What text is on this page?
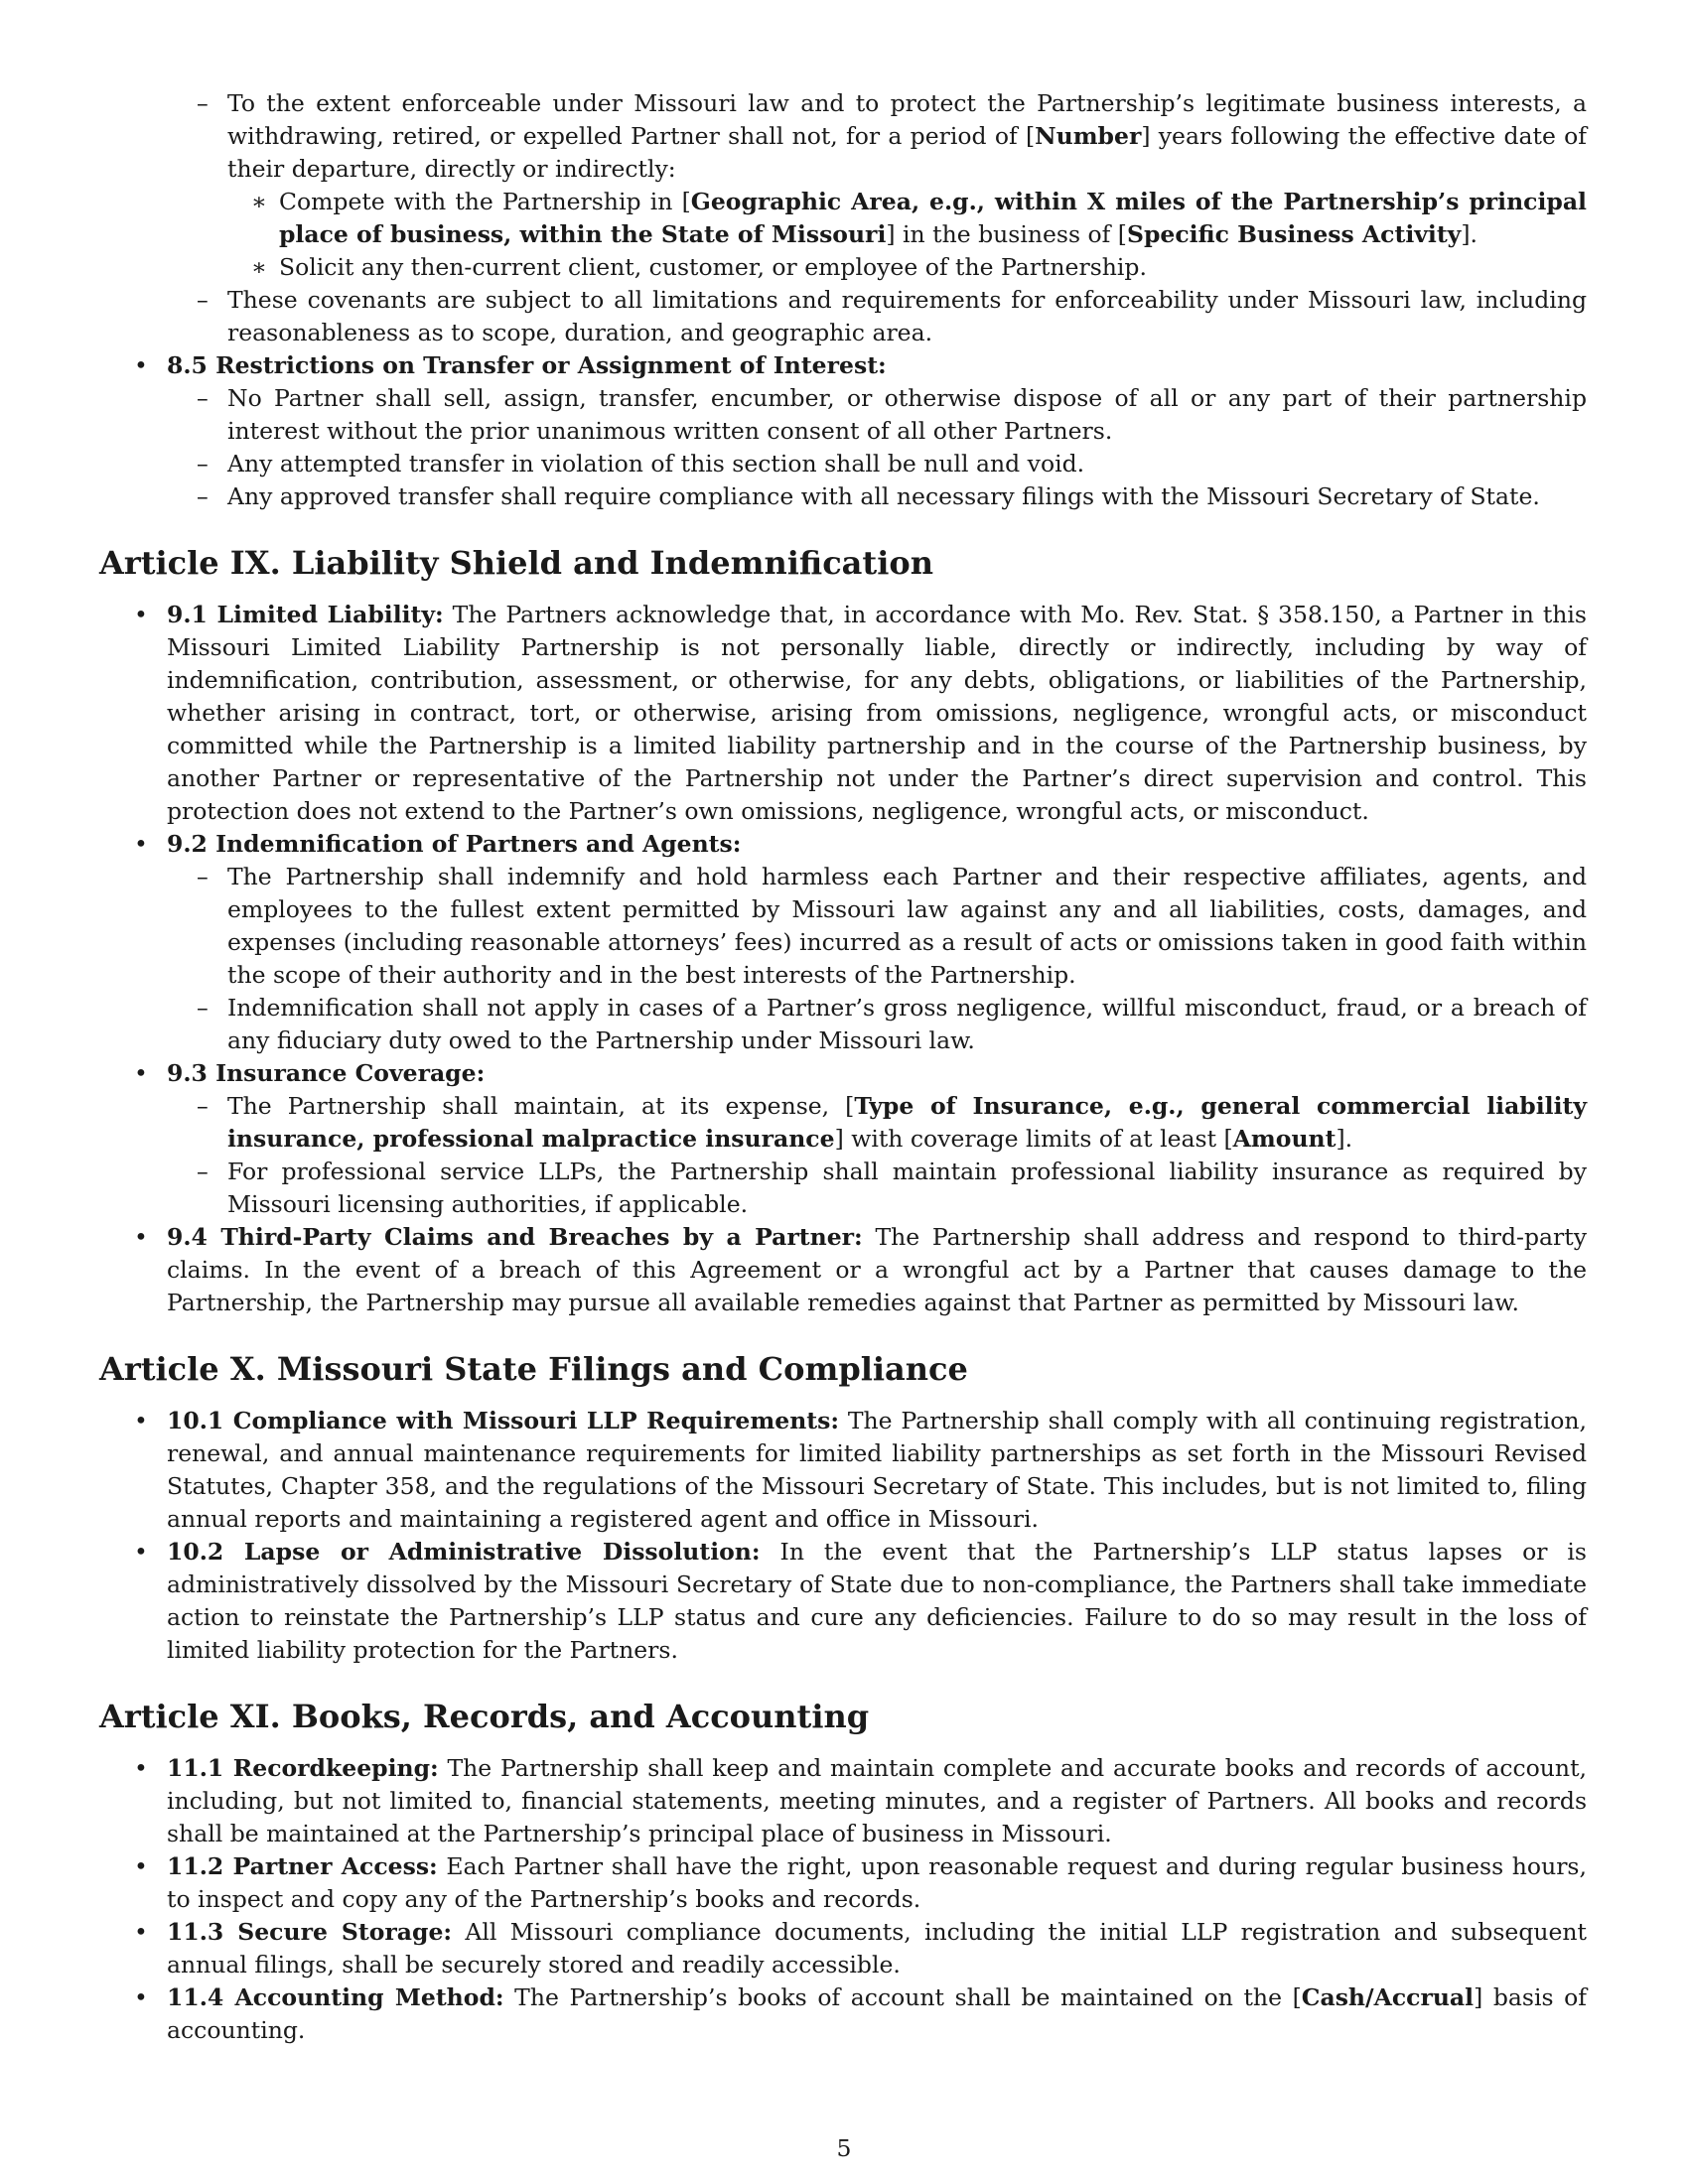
– To the extent enforceable under Missouri law and to protect the Partnership’s legitimate business interests, a withdrawing, retired, or expelled Partner shall not, for a period of [Number] years following the effective date of their departure, directly or indirectly:

∗ Compete with the Partnership in [Geographic Area, e.g., within X miles of the Partnership’s principal place of business, within the State of Missouri] in the business of [Specific Business Activity].

∗ Solicit any then-current client, customer, or employee of the Partnership.

– These covenants are subject to all limitations and requirements for enforceability under Missouri law, including reasonableness as to scope, duration, and geographic area.

• 8.5 Restrictions on Transfer or Assignment of Interest:

– No Partner shall sell, assign, transfer, encumber, or otherwise dispose of all or any part of their partnership interest without the prior unanimous written consent of all other Partners.

– Any attempted transfer in violation of this section shall be null and void.

– Any approved transfer shall require compliance with all necessary filings with the Missouri Secretary of State.

Article IX. Liability Shield and Indemnification
• 9.1 Limited Liability: The Partners acknowledge that, in accordance with Mo. Rev. Stat. § 358.150, a Partner in this Missouri Limited Liability Partnership is not personally liable, directly or indirectly, including by way of indemnification, contribution, assessment, or otherwise, for any debts, obligations, or liabilities of the Partnership, whether arising in contract, tort, or otherwise, arising from omissions, negligence, wrongful acts, or misconduct committed while the Partnership is a limited liability partnership and in the course of the Partnership business, by another Partner or representative of the Partnership not under the Partner’s direct supervision and control. This protection does not extend to the Partner’s own omissions, negligence, wrongful acts, or misconduct.

• 9.2 Indemnification of Partners and Agents:

– The Partnership shall indemnify and hold harmless each Partner and their respective affiliates, agents, and employees to the fullest extent permitted by Missouri law against any and all liabilities, costs, damages, and expenses (including reasonable attorneys’ fees) incurred as a result of acts or omissions taken in good faith within the scope of their authority and in the best interests of the Partnership.

– Indemnification shall not apply in cases of a Partner’s gross negligence, willful misconduct, fraud, or a breach of any fiduciary duty owed to the Partnership under Missouri law.

• 9.3 Insurance Coverage:

– The Partnership shall maintain, at its expense, [Type of Insurance, e.g., general commercial liability insurance, professional malpractice insurance] with coverage limits of at least [Amount].

– For professional service LLPs, the Partnership shall maintain professional liability insurance as required by Missouri licensing authorities, if applicable.

• 9.4 Third-Party Claims and Breaches by a Partner: The Partnership shall address and respond to third-party claims. In the event of a breach of this Agreement or a wrongful act by a Partner that causes damage to the Partnership, the Partnership may pursue all available remedies against that Partner as permitted by Missouri law.

Article X. Missouri State Filings and Compliance
• 10.1 Compliance with Missouri LLP Requirements: The Partnership shall comply with all continuing registration, renewal, and annual maintenance requirements for limited liability partnerships as set forth in the Missouri Revised Statutes, Chapter 358, and the regulations of the Missouri Secretary of State. This includes, but is not limited to, filing annual reports and maintaining a registered agent and office in Missouri.

• 10.2 Lapse or Administrative Dissolution: In the event that the Partnership’s LLP status lapses or is administratively dissolved by the Missouri Secretary of State due to non-compliance, the Partners shall take immediate action to reinstate the Partnership’s LLP status and cure any deficiencies. Failure to do so may result in the loss of limited liability protection for the Partners.

Article XI. Books, Records, and Accounting
• 11.1 Recordkeeping: The Partnership shall keep and maintain complete and accurate books and records of account, including, but not limited to, financial statements, meeting minutes, and a register of Partners. All books and records shall be maintained at the Partnership’s principal place of business in Missouri.

• 11.2 Partner Access: Each Partner shall have the right, upon reasonable request and during regular business hours, to inspect and copy any of the Partnership’s books and records.

• 11.3 Secure Storage: All Missouri compliance documents, including the initial LLP registration and subsequent annual filings, shall be securely stored and readily accessible.

• 11.4 Accounting Method: The Partnership’s books of account shall be maintained on the [Cash/Accrual] basis of accounting.

5
